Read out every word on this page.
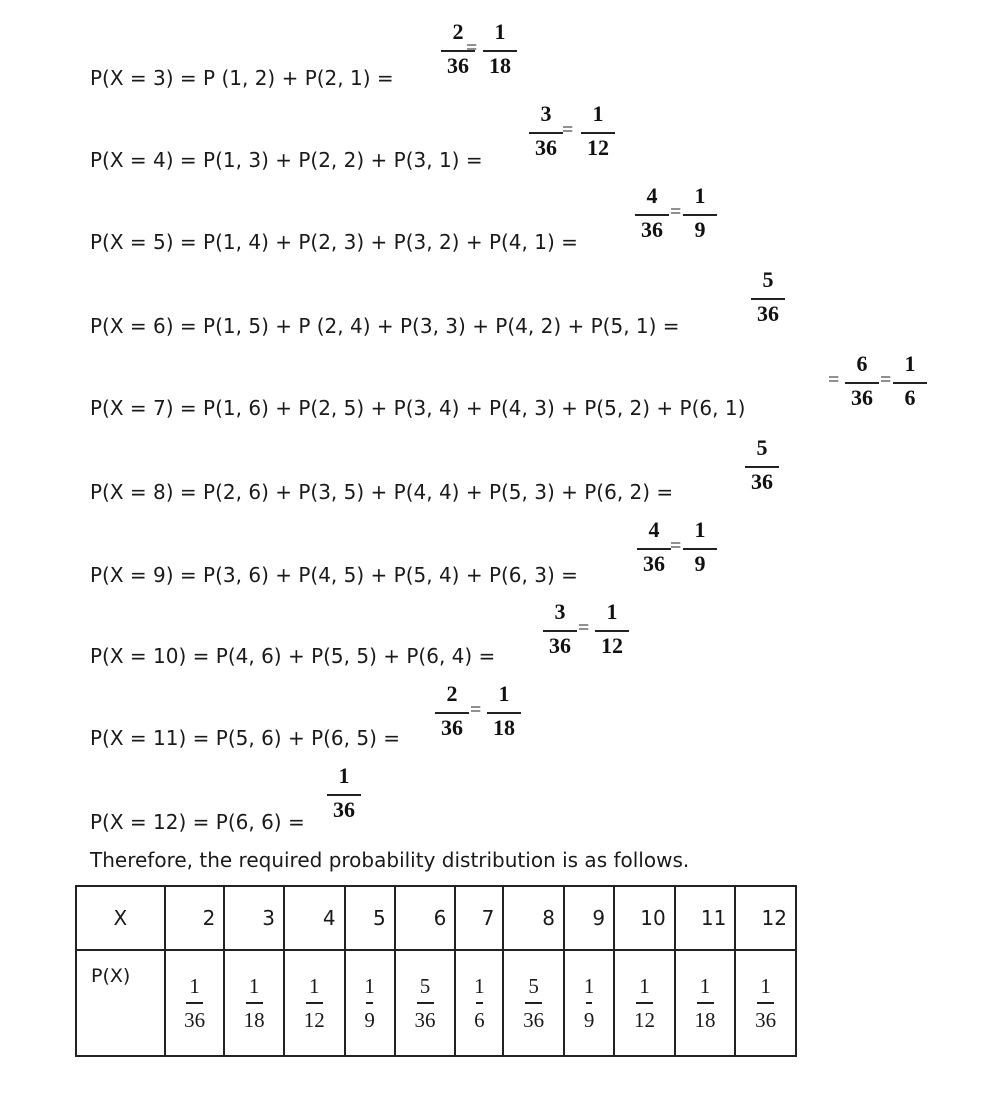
P(X = 3) = P (1, 2) + P(2, 1) =
2
36
=
1
18
P(X = 4) = P(1, 3) + P(2, 2) + P(3, 1) =
3
36
=
1
12
P(X = 5) = P(1, 4) + P(2, 3) + P(3, 2) + P(4, 1) =
4
36
=
1
9
P(X = 6) = P(1, 5) + P (2, 4) + P(3, 3) + P(4, 2) + P(5, 1) =
5
36
P(X = 7) = P(1, 6) + P(2, 5) + P(3, 4) + P(4, 3) + P(5, 2) + P(6, 1)
=
6
36
=
1
6
P(X = 8) = P(2, 6) + P(3, 5) + P(4, 4) + P(5, 3) + P(6, 2) =
5
36
P(X = 9) = P(3, 6) + P(4, 5) + P(5, 4) + P(6, 3) =
4
36
=
1
9
P(X = 10) = P(4, 6) + P(5, 5) + P(6, 4) =
3
36
=
1
12
P(X = 11) = P(5, 6) + P(6, 5) =
2
36
=
1
18
P(X = 12) = P(6, 6) =
1
36
Therefore, the required probability distribution is as follows.
X	2	3	4	5	6	7	8	9	10	11	12
P(X)	$\frac{1}{36}$	$\frac{1}{18}$	$\frac{1}{12}$	$\frac{1}{9}$	$\frac{5}{36}$	$\frac{1}{6}$	$\frac{5}{36}$	$\frac{1}{9}$	$\frac{1}{12}$	$\frac{1}{18}$	$\frac{1}{36}$
